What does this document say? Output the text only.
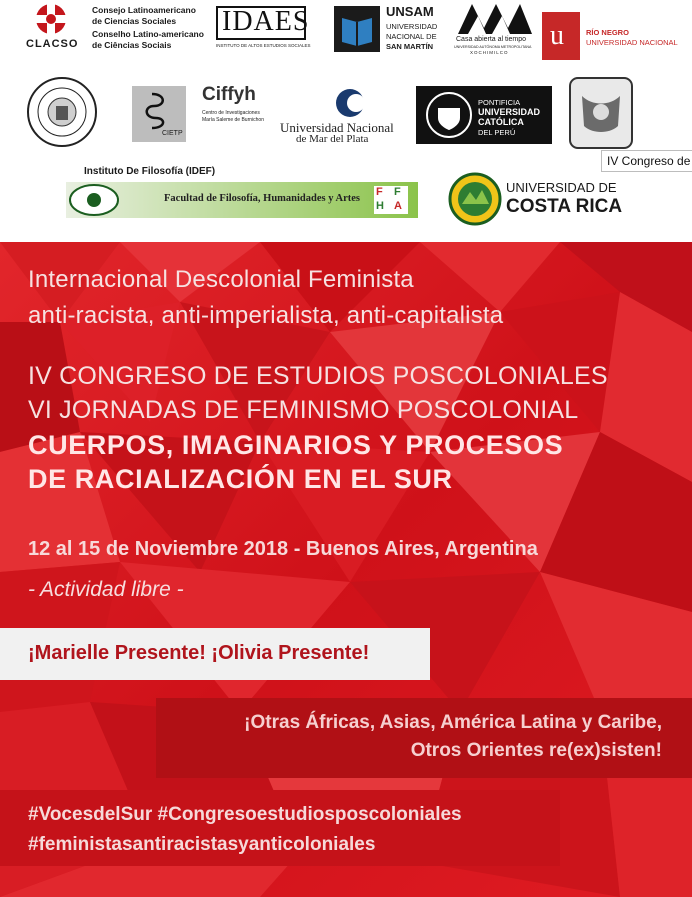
CLACSO
Consejo Latinoamericano
de Ciencias Sociales
Conselho Latino-americano
de Ciências Sociais
IDAES
INSTITUTO DE ALTOS ESTUDIOS SOCIALES
UNSAM
UNIVERSIDAD
NACIONAL DE
SAN MARTÍN
Casa abierta al tiempo
UNIVERSIDAD AUTÓNOMA METROPOLITANA
XOCHIMILCO
u	RÍO NEGRO
UNIVERSIDAD NACIONAL
CIETP
Ciffyh
Centro de Investigaciones
María Saleme de Burnichon Universidad Nacional
de Mar del Plata
PONTIFICIA
UNIVERSIDAD
CATÓLICA
DEL PERÚ
IV Congreso de
Instituto De Filosofía (IDEF)
Facultad de Filosofía, Humanidades y Artes
F F
H A
UNIVERSIDAD DE
COSTA RICA
Internacional Descolonial Feminista
anti-racista, anti-imperialista, anti-capitalista
IV CONGRESO DE ESTUDIOS POSCOLONIALES
VI JORNADAS DE FEMINISMO POSCOLONIAL
CUERPOS, IMAGINARIOS Y PROCESOS
DE RACIALIZACIÓN EN EL SUR
12 al 15 de Noviembre 2018 - Buenos Aires, Argentina
- Actividad libre -
¡Marielle Presente! ¡Olivia Presente!
¡Otras Áfricas, Asias, América Latina y Caribe,
Otros Orientes re(ex)sisten!
#VocesdelSur #Congresoestudiosposcoloniales
#feministasantiracistasyanticoloniales
